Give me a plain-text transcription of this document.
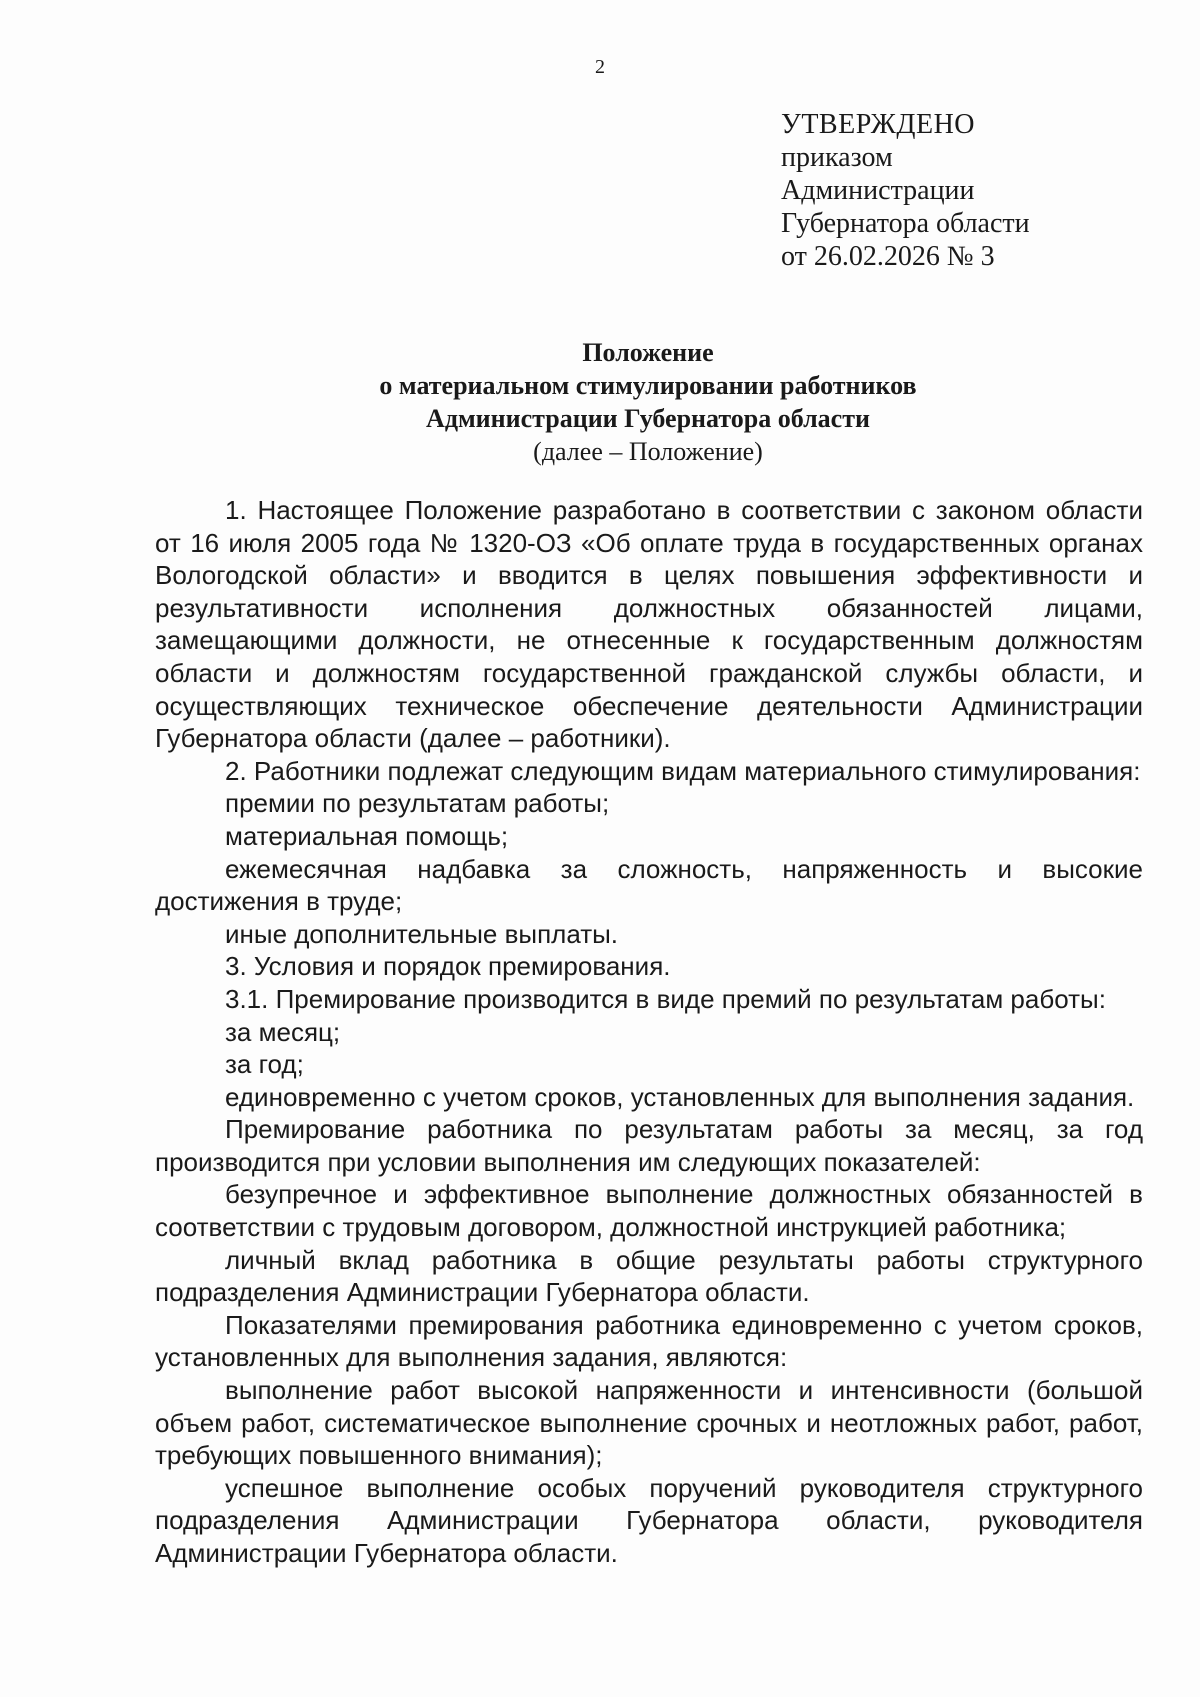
2
УТВЕРЖДЕНО
приказом
Администрации
Губернатора области
от 26.02.2026 № 3
Положение
о материальном стимулировании работников
Администрации Губернатора области
(далее – Положение)

1. Настоящее Положение разработано в соответствии с законом области от 16 июля 2005 года № 1320-ОЗ «Об оплате труда в государственных органах Вологодской области» и вводится в целях повышения эффективности и результативности исполнения должностных обязанностей лицами, замещающими должности, не отнесенные к государственным должностям области и должностям государственной гражданской службы области, и осуществляющих техническое обеспечение деятельности Администрации Губернатора области (далее – работники).

2. Работники подлежат следующим видам материального стимулирования:

премии по результатам работы;

материальная помощь;

ежемесячная надбавка за сложность, напряженность и высокие достижения в труде;

иные дополнительные выплаты.

3. Условия и порядок премирования.

3.1. Премирование производится в виде премий по результатам работы:

за месяц;

за год;

единовременно с учетом сроков, установленных для выполнения задания.

Премирование работника по результатам работы за месяц, за год производится при условии выполнения им следующих показателей:

безупречное и эффективное выполнение должностных обязанностей в соответствии с трудовым договором, должностной инструкцией работника;

личный вклад работника в общие результаты работы структурного подразделения Администрации Губернатора области.

Показателями премирования работника единовременно с учетом сроков, установленных для выполнения задания, являются:

выполнение работ высокой напряженности и интенсивности (большой объем работ, систематическое выполнение срочных и неотложных работ, работ, требующих повышенного внимания);

успешное выполнение особых поручений руководителя структурного подразделения Администрации Губернатора области, руководителя Администрации Губернатора области.
